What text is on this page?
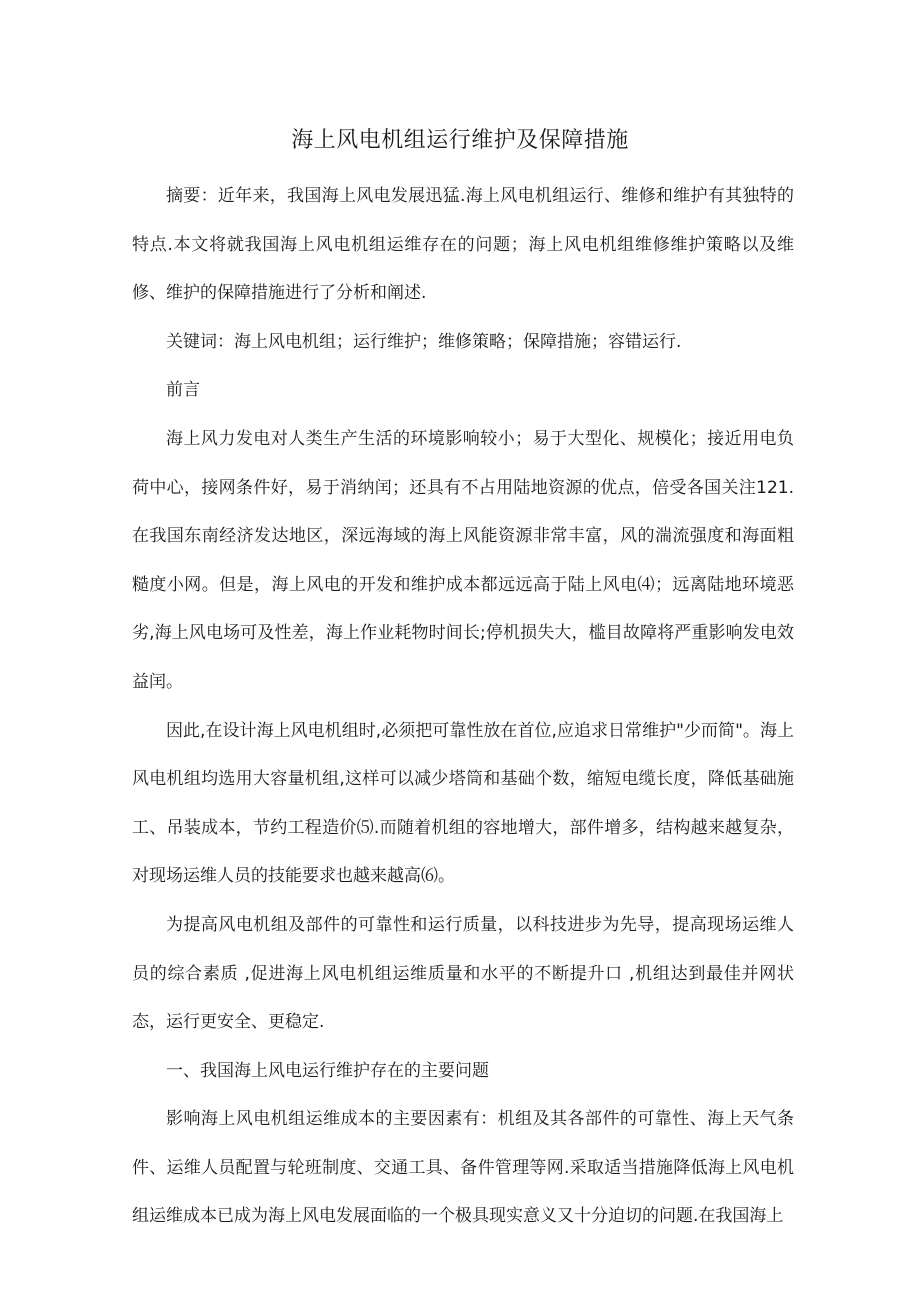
海上风电机组运行维护及保障措施

摘要：近年来，我国海上风电发展迅猛.海上风电机组运行、维修和维护有其独特的特点.本文将就我国海上风电机组运维存在的问题；海上风电机组维修维护策略以及维修、维护的保障措施进行了分析和阐述.

关键词：海上风电机组；运行维护；维修策略；保障措施；容错运行.

前言

海上风力发电对人类生产生活的环境影响较小；易于大型化、规模化；接近用电负荷中心，接网条件好，易于消纳闰；还具有不占用陆地资源的优点，倍受各国关注121.在我国东南经济发达地区，深远海域的海上风能资源非常丰富，风的湍流强度和海面粗糙度小网。但是，海上风电的开发和维护成本都远远高于陆上风电⑷；远离陆地环境恶劣,海上风电场可及性差，海上作业耗物时间长;停机损失大，槛目故障将严重影响发电效益闰。

因此,在设计海上风电机组时,必须把可靠性放在首位,应追求日常维护"少而简"。海上风电机组均选用大容量机组,这样可以减少塔筒和基础个数，缩短电缆长度，降低基础施工、吊装成本，节约工程造价⑸.而随着机组的容地增大，部件增多，结构越来越复杂，对现场运维人员的技能要求也越来越高⑹。

为提高风电机组及部件的可靠性和运行质量，以科技进步为先导，提高现场运维人员的综合素质 ,促进海上风电机组运维质量和水平的不断提升口 ,机组达到最佳并网状态，运行更安全、更稳定.

一、我国海上风电运行维护存在的主要问题

影响海上风电机组运维成本的主要因素有：机组及其各部件的可靠性、海上天气条件、运维人员配置与轮班制度、交通工具、备件管理等网.采取适当措施降低海上风电机组运维成本已成为海上风电发展面临的一个极具现实意义又十分迫切的问题.在我国海上
